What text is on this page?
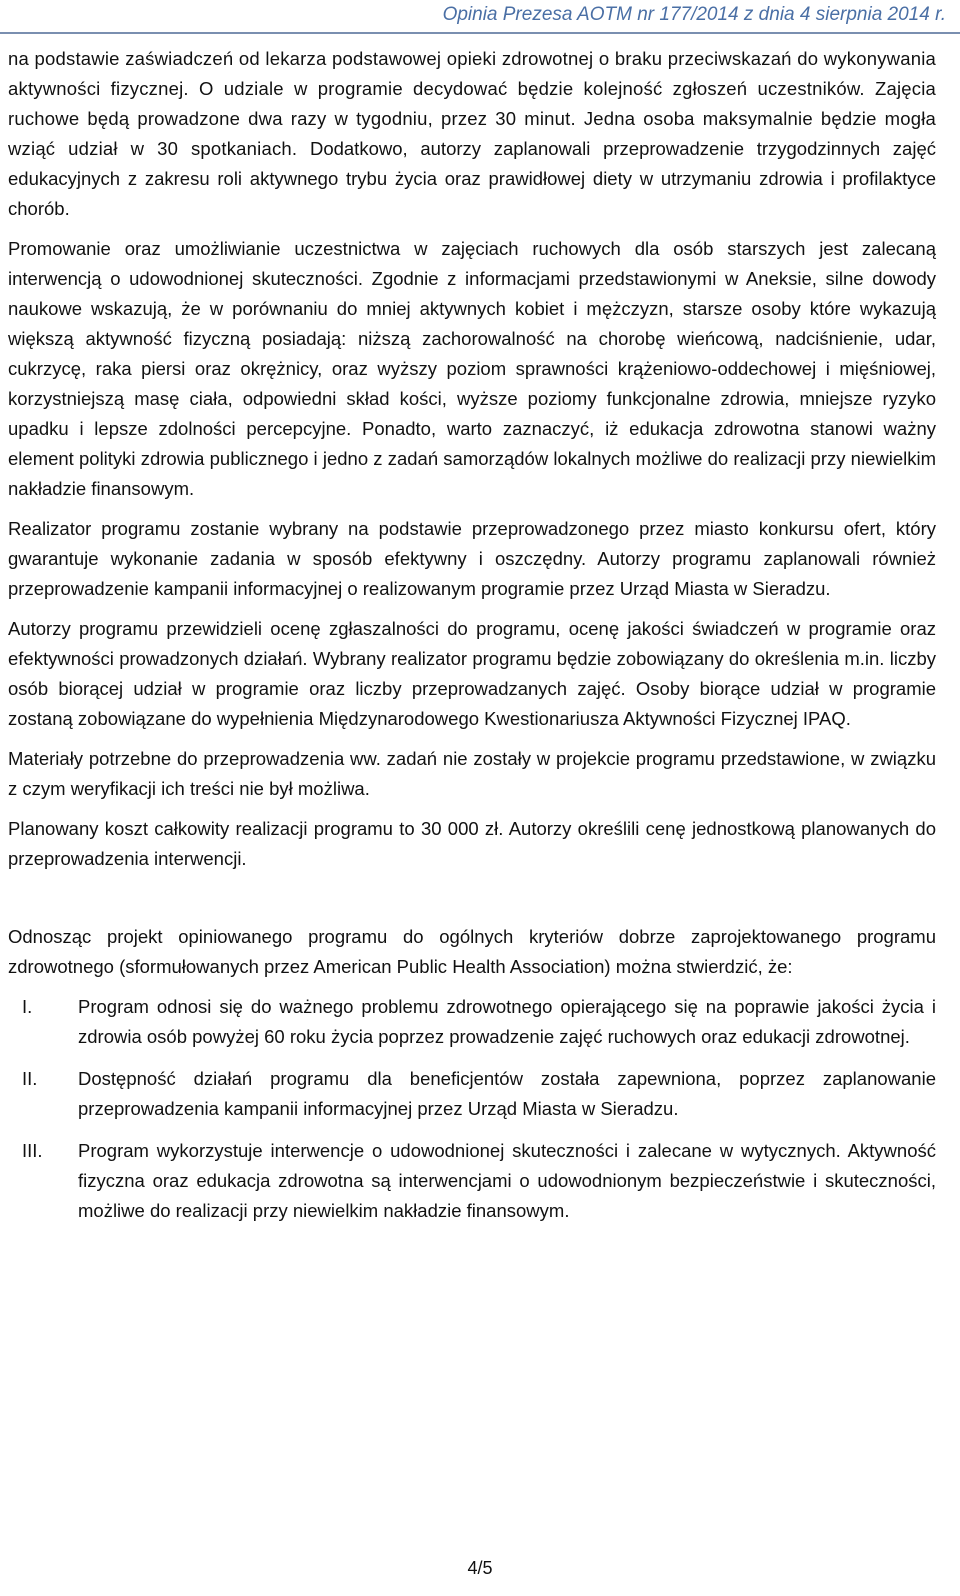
Opinia Prezesa AOTM nr 177/2014 z dnia 4 sierpnia 2014 r.

na podstawie zaświadczeń od lekarza podstawowej opieki zdrowotnej o braku przeciwskazań do wykonywania aktywności fizycznej. O udziale w programie decydować będzie kolejność zgłoszeń uczestników. Zajęcia ruchowe będą prowadzone dwa razy w tygodniu, przez 30 minut. Jedna osoba maksymalnie będzie mogła wziąć udział w 30 spotkaniach. Dodatkowo, autorzy zaplanowali przeprowadzenie trzygodzinnych zajęć edukacyjnych z zakresu roli aktywnego trybu życia oraz prawidłowej diety w utrzymaniu zdrowia i profilaktyce chorób.

Promowanie oraz umożliwianie uczestnictwa w zajęciach ruchowych dla osób starszych jest zalecaną interwencją o udowodnionej skuteczności. Zgodnie z informacjami przedstawionymi w Aneksie, silne dowody naukowe wskazują, że w porównaniu do mniej aktywnych kobiet i mężczyzn, starsze osoby które wykazują większą aktywność fizyczną posiadają: niższą zachorowalność na chorobę wieńcową, nadciśnienie, udar, cukrzycę, raka piersi oraz okrężnicy, oraz wyższy poziom sprawności krążeniowo-oddechowej i mięśniowej, korzystniejszą masę ciała, odpowiedni skład kości, wyższe poziomy funkcjonalne zdrowia, mniejsze ryzyko upadku i lepsze zdolności percepcyjne. Ponadto, warto zaznaczyć, iż edukacja zdrowotna stanowi ważny element polityki zdrowia publicznego i jedno z zadań samorządów lokalnych możliwe do realizacji przy niewielkim nakładzie finansowym.

Realizator programu zostanie wybrany na podstawie przeprowadzonego przez miasto konkursu ofert, który gwarantuje wykonanie zadania w sposób efektywny i oszczędny. Autorzy programu zaplanowali również przeprowadzenie kampanii informacyjnej o realizowanym programie przez Urząd Miasta w Sieradzu.

Autorzy programu przewidzieli ocenę zgłaszalności do programu, ocenę jakości świadczeń w programie oraz efektywności prowadzonych działań. Wybrany realizator programu będzie zobowiązany do określenia m.in. liczby osób biorącej udział w programie oraz liczby przeprowadzanych zajęć. Osoby biorące udział w programie zostaną zobowiązane do wypełnienia Międzynarodowego Kwestionariusza Aktywności Fizycznej IPAQ.

Materiały potrzebne do przeprowadzenia ww. zadań nie zostały w projekcie programu przedstawione, w związku z czym weryfikacji ich treści nie był możliwa.

Planowany koszt całkowity realizacji programu to 30 000 zł. Autorzy określili cenę jednostkową planowanych do przeprowadzenia interwencji.

Odnosząc projekt opiniowanego programu do ogólnych kryteriów dobrze zaprojektowanego programu zdrowotnego (sformułowanych przez American Public Health Association) można stwierdzić, że:

I. Program odnosi się do ważnego problemu zdrowotnego opierającego się na poprawie jakości życia i zdrowia osób powyżej 60 roku życia poprzez prowadzenie zajęć ruchowych oraz edukacji zdrowotnej.
II. Dostępność działań programu dla beneficjentów została zapewniona, poprzez zaplanowanie przeprowadzenia kampanii informacyjnej przez Urząd Miasta w Sieradzu.
III. Program wykorzystuje interwencje o udowodnionej skuteczności i zalecane w wytycznych. Aktywność fizyczna oraz edukacja zdrowotna są interwencjami o udowodnionym bezpieczeństwie i skuteczności, możliwe do realizacji przy niewielkim nakładzie finansowym.
4/5
